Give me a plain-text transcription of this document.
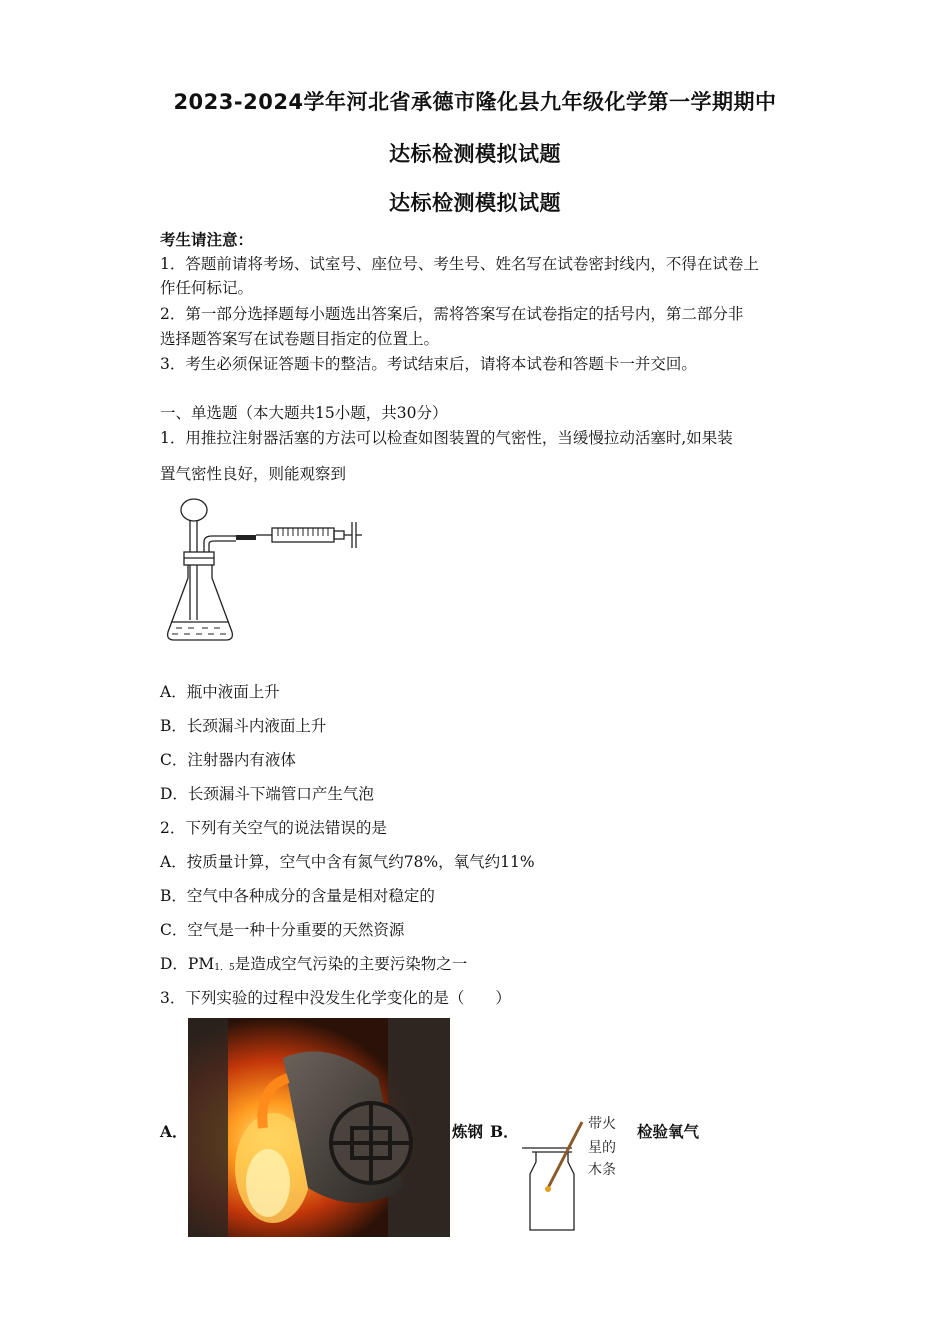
2023-2024学年河北省承德市隆化县九年级化学第一学期期中
达标检测模拟试题
达标检测模拟试题
考生请注意：
1．答题前请将考场、试室号、座位号、考生号、姓名写在试卷密封线内，不得在试卷上
作任何标记。
2．第一部分选择题每小题选出答案后，需将答案写在试卷指定的括号内，第二部分非
选择题答案写在试卷题目指定的位置上。
3．考生必须保证答题卡的整洁。考试结束后，请将本试卷和答题卡一并交回。
一、单选题（本大题共15小题，共30分）
1．用推拉注射器活塞的方法可以检查如图装置的气密性，当缓慢拉动活塞时,如果装
置气密性良好，则能观察到
A．瓶中液面上升
B．长颈漏斗内液面上升
C．注射器内有液体
D．长颈漏斗下端管口产生气泡
2．下列有关空气的说法错误的是
A．按质量计算，空气中含有氮气约78%，氧气约11%
B．空气中各种成分的含量是相对稳定的
C．空气是一种十分重要的天然资源
D．PM1．5是造成空气污染的主要污染物之一
3．下列实验的过程中没发生化学变化的是（　　）
A．	炼钢 B．	带火
星的
木条
检验氧气
